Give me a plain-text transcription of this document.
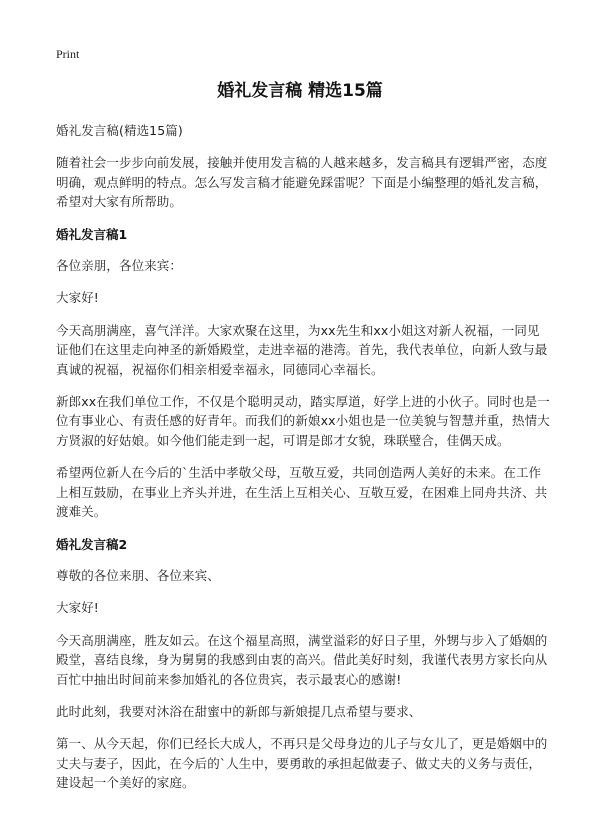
Print
婚礼发言稿 精选15篇

婚礼发言稿(精选15篇)

随着社会一步步向前发展，接触并使用发言稿的人越来越多，发言稿具有逻辑严密，态度明确，观点鲜明的特点。怎么写发言稿才能避免踩雷呢？下面是小编整理的婚礼发言稿，希望对大家有所帮助。

婚礼发言稿1

各位亲朋，各位来宾：

大家好!

今天高朋满座，喜气洋洋。大家欢聚在这里，为xx先生和xx小姐这对新人祝福，一同见证他们在这里走向神圣的新婚殿堂，走进幸福的港湾。首先，我代表单位，向新人致与最真诚的祝福，祝福你们相亲相爱幸福永，同德同心幸福长。

新郎xx在我们单位工作，不仅是个聪明灵动，踏实厚道，好学上进的小伙子。同时也是一位有事业心、有责任感的好青年。而我们的新娘xx小姐也是一位美貌与智慧并重，热情大方贤淑的好姑娘。如今他们能走到一起，可谓是郎才女貌，珠联璧合，佳偶天成。

希望两位新人在今后的`生活中孝敬父母，互敬互爱，共同创造两人美好的未来。在工作上相互鼓励，在事业上齐头并进，在生活上互相关心、互敬互爱，在困难上同舟共济、共渡难关。

婚礼发言稿2

尊敬的各位来朋、各位来宾、

大家好!

今天高朋满座，胜友如云。在这个福星高照，满堂溢彩的好日子里，外甥与步入了婚姻的殿堂，喜结良缘，身为舅舅的我感到由衷的高兴。借此美好时刻，我谨代表男方家长向从百忙中抽出时间前来参加婚礼的各位贵宾，表示最衷心的感谢!

此时此刻，我要对沐浴在甜蜜中的新郎与新娘提几点希望与要求、

第一、从今天起，你们已经长大成人，不再只是父母身边的儿子与女儿了，更是婚姻中的丈夫与妻子，因此，在今后的`人生中，要勇敢的承担起做妻子、做丈夫的义务与责任，建设起一个美好的家庭。
